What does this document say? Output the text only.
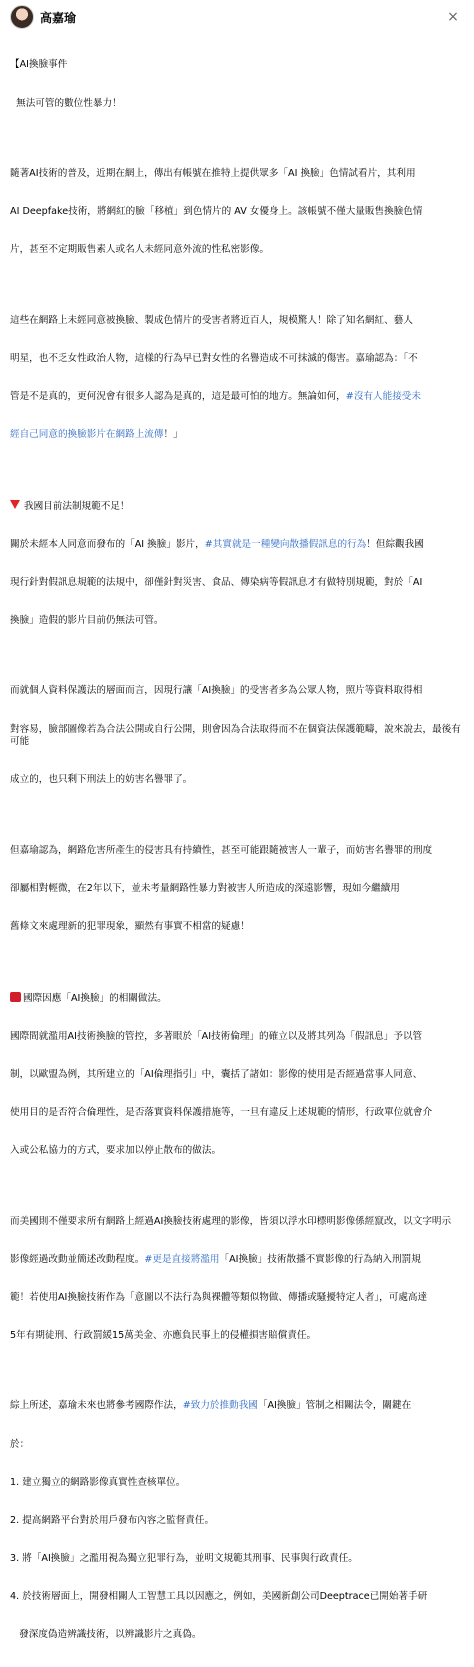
高嘉瑜	×

【AI換臉事件

無法可管的數位性暴力！

隨著AI技術的普及，近期在網上，傳出有帳號在推特上提供眾多「AI 換臉」色情試看片，其利用

AI Deepfake技術，將網紅的臉「移植」到色情片的 AV 女優身上。該帳號不僅大量販售換臉色情

片，甚至不定期販售素人或名人未經同意外流的性私密影像。

這些在網路上未經同意被換臉、製成色情片的受害者將近百人，規模驚人！除了知名網紅、藝人

明星，也不乏女性政治人物，這樣的行為早已對女性的名譽造成不可抹滅的傷害。嘉瑜認為：「不

管是不是真的，更何況會有很多人認為是真的，這是最可怕的地方。無論如何，#沒有人能接受未

經自己同意的換臉影片在網路上流傳！」

我國目前法制規範不足！

關於未經本人同意而發布的「AI 換臉」影片，#其實就是一種變向散播假訊息的行為！但綜觀我國

現行針對假訊息規範的法規中，卻僅針對災害、食品、傳染病等假訊息才有做特別規範，對於「AI

換臉」造假的影片目前仍無法可管。

而就個人資料保護法的層面而言，因現行讓「AI換臉」的受害者多為公眾人物，照片等資料取得相

對容易，臉部圖像若為合法公開或自行公開，則會因為合法取得而不在個資法保護範疇，說來說去，最後有可能

成立的，也只剩下刑法上的妨害名譽罪了。

但嘉瑜認為，網路危害所產生的侵害具有持續性，甚至可能跟隨被害人一輩子，而妨害名譽罪的刑度

卻屬相對輕微，在2年以下，並未考量網路性暴力對被害人所造成的深遠影響，現如今繼續用

舊條文來處理新的犯罪現象，顯然有事實不相當的疑慮！

國際因應「AI換臉」的相關做法。

國際間就濫用AI技術換臉的管控，多著眼於「AI技術倫理」的確立以及將其列為「假訊息」予以管

制，以歐盟為例，其所建立的「AI倫理指引」中，囊括了諸如：影像的使用是否經過當事人同意、

使用目的是否符合倫理性，是否落實資料保護措施等，一旦有違反上述規範的情形，行政單位就會介

入或公私協力的方式，要求加以停止散布的做法。

而美國則不僅要求所有網路上經過AI換臉技術處理的影像，皆須以浮水印標明影像係經竄改，以文字明示

影像經過改動並簡述改動程度。#更是直接將濫用「AI換臉」技術散播不實影像的行為納入刑罰規

範！若使用AI換臉技術作為「意圖以不法行為與裸體等類似物做、傳播或騷擾特定人者」，可處高達

5年有期徒刑、行政罰緩15萬美金、亦應負民事上的侵權損害賠償責任。

綜上所述，嘉瑜未來也將參考國際作法，#致力於推動我國「AI換臉」管制之相關法令，關鍵在

於：

1. 建立獨立的網路影像真實性查核單位。

2. 提高網路平台對於用戶發布內容之監督責任。

3. 將「AI換臉」之濫用視為獨立犯罪行為，並明文規範其刑事、民事與行政責任。

4. 於技術層面上，開發相關人工智慧工具以因應之，例如，美國新創公司Deeptrace已開始著手研

發深度偽造辨識技術，以辨識影片之真偽。
